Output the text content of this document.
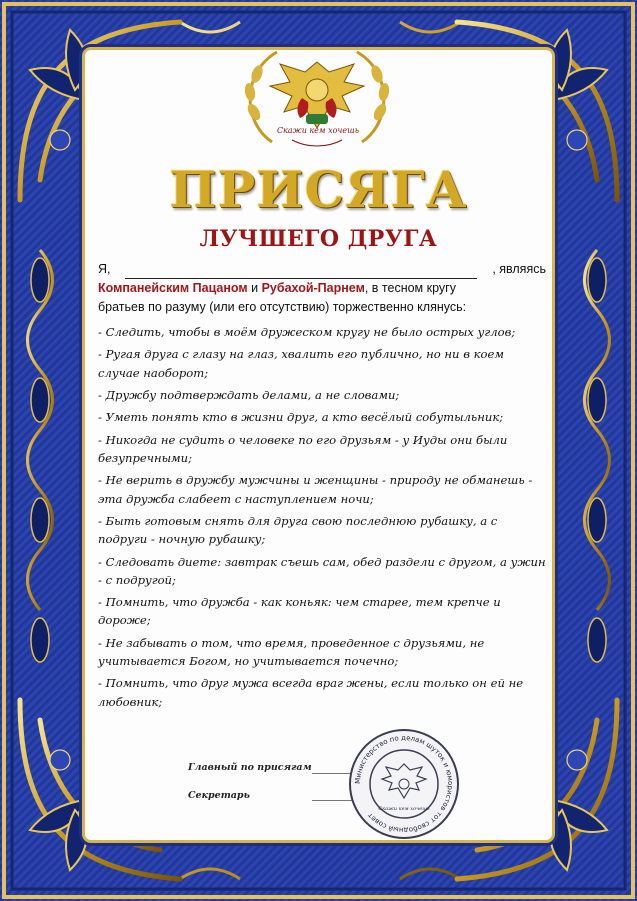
Скажи кем хочешь
ПРИСЯГА
ЛУЧШЕГО ДРУГА
Я,	, являясь
Компанейским Пацаном и Рубахой-Парнем, в тесном кругу
братьев по разуму (или его отсутствию) торжественно клянусь:
- Следить, чтобы в моём дружеском кругу не было острых углов;
- Ругая друга с глазу на глаз, хвалить его публично, но ни в коем случае наоборот;
- Дружбу подтверждать делами, а не словами;
- Уметь понять кто в жизни друг, а кто весёлый собутыльник;
- Никогда не судить о человеке по его друзьям - у Иуды они были безупречными;
- Не верить в дружбу мужчины и женщины - природу не обманешь - эта дружба слабеет с наступлением ночи;
- Быть готовым снять для друга свою последнюю рубашку, а с подруги - ночную рубашку;
- Следовать диете: завтрак съешь сам, обед раздели с другом, а ужин - с подругой;
- Помнить, что дружба - как коньяк: чем старее, тем крепче и дороже;
- Не забывать о том, что время, проведенное с друзьями, не учитывается Богом, но учитывается почечно;
- Помнить, что друг мужа всегда враг жены, если только он ей не любовник;
Главный по присягам
Секретарь
Министерство по делам шуток и юмористов тот свободный совет
Скажи кем хочешь
